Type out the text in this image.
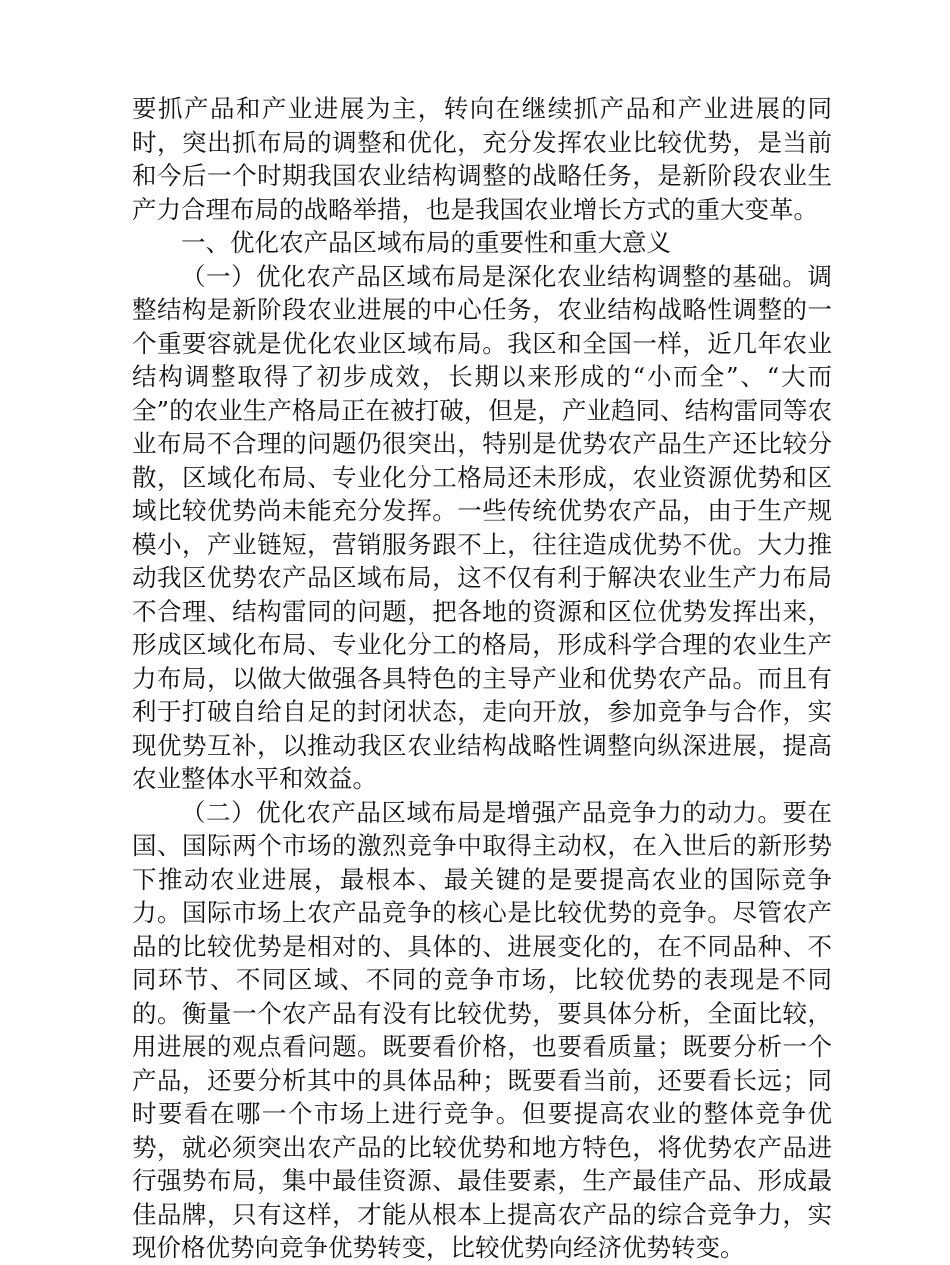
要抓产品和产业进展为主，转向在继续抓产品和产业进展的同时，突出抓布局的调整和优化，充分发挥农业比较优势，是当前和今后一个时期我国农业结构调整的战略任务，是新阶段农业生产力合理布局的战略举措，也是我国农业增长方式的重大变革。

一、优化农产品区域布局的重要性和重大意义

（一）优化农产品区域布局是深化农业结构调整的基础。调整结构是新阶段农业进展的中心任务，农业结构战略性调整的一个重要容就是优化农业区域布局。我区和全国一样，近几年农业结构调整取得了初步成效，长期以来形成的“小而全”、“大而全”的农业生产格局正在被打破，但是，产业趋同、结构雷同等农业布局不合理的问题仍很突出，特别是优势农产品生产还比较分散，区域化布局、专业化分工格局还未形成，农业资源优势和区域比较优势尚未能充分发挥。一些传统优势农产品，由于生产规模小，产业链短，营销服务跟不上，往往造成优势不优。大力推动我区优势农产品区域布局，这不仅有利于解决农业生产力布局不合理、结构雷同的问题，把各地的资源和区位优势发挥出来，形成区域化布局、专业化分工的格局，形成科学合理的农业生产力布局，以做大做强各具特色的主导产业和优势农产品。而且有利于打破自给自足的封闭状态，走向开放，参加竞争与合作，实现优势互补，以推动我区农业结构战略性调整向纵深进展，提高农业整体水平和效益。

（二）优化农产品区域布局是增强产品竞争力的动力。要在国、国际两个市场的激烈竞争中取得主动权，在入世后的新形势下推动农业进展，最根本、最关键的是要提高农业的国际竞争力。国际市场上农产品竞争的核心是比较优势的竞争。尽管农产品的比较优势是相对的、具体的、进展变化的，在不同品种、不同环节、不同区域、不同的竞争市场，比较优势的表现是不同的。衡量一个农产品有没有比较优势，要具体分析，全面比较，用进展的观点看问题。既要看价格，也要看质量；既要分析一个产品，还要分析其中的具体品种；既要看当前，还要看长远；同时要看在哪一个市场上进行竞争。但要提高农业的整体竞争优势，就必须突出农产品的比较优势和地方特色，将优势农产品进行强势布局，集中最佳资源、最佳要素，生产最佳产品、形成最佳品牌，只有这样，才能从根本上提高农产品的综合竞争力，实现价格优势向竞争优势转变，比较优势向经济优势转变。
